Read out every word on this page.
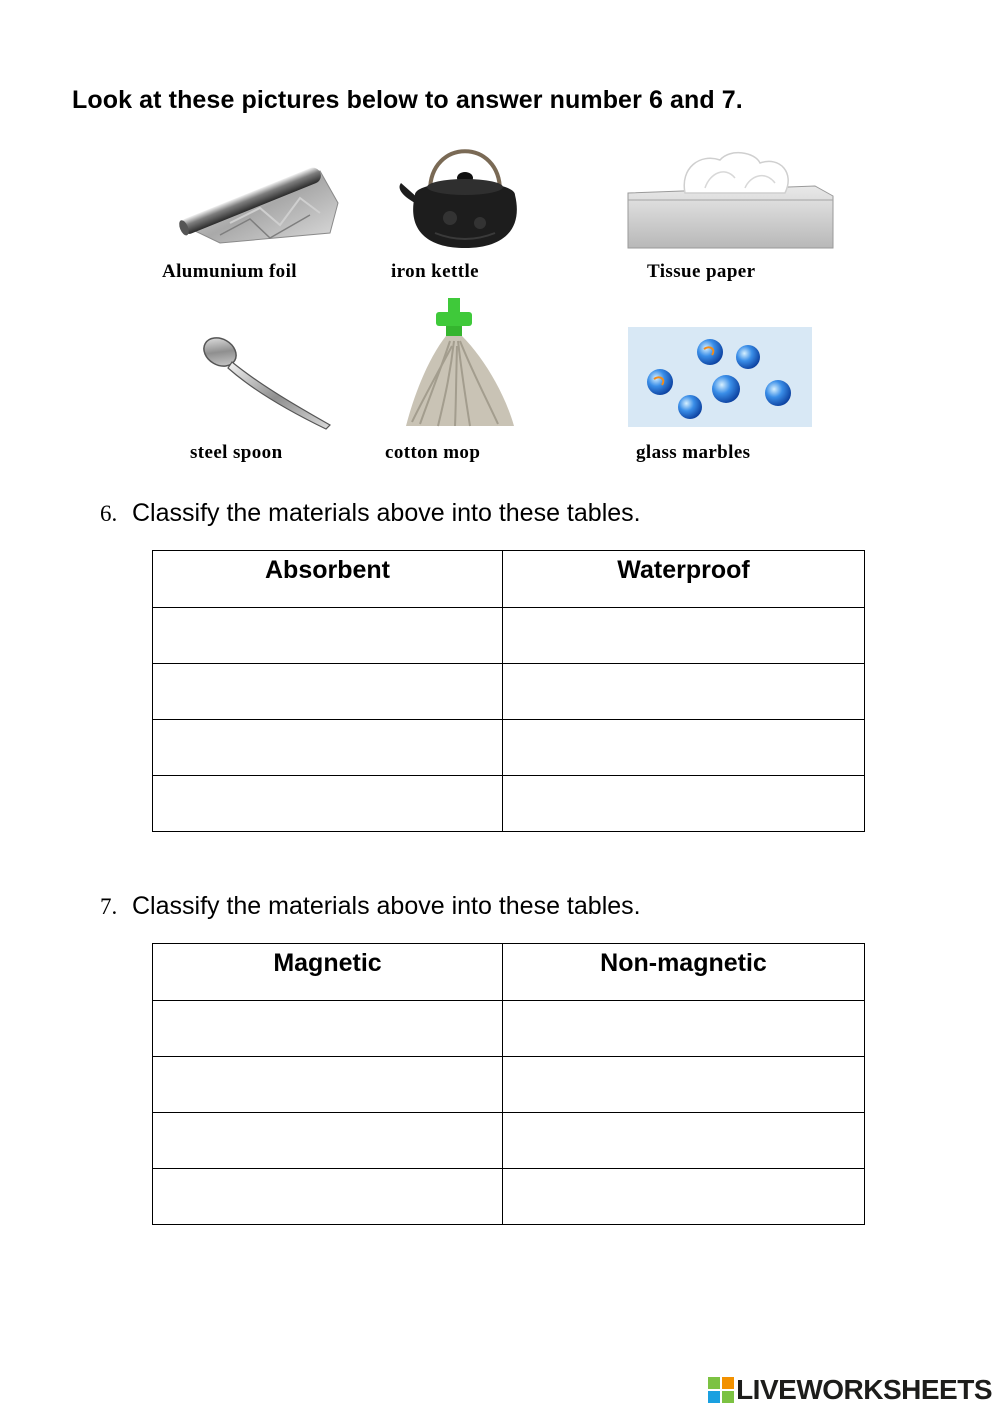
Look at these pictures below to answer number 6 and 7.
Alumunium foil	iron kettle	Tissue paper
steel spoon	cotton mop	glass marbles
6. Classify the materials above into these tables.
Absorbent	Waterproof

7. Classify the materials above into these tables.
Magnetic	Non-magnetic

LIVEWORKSHEETS
